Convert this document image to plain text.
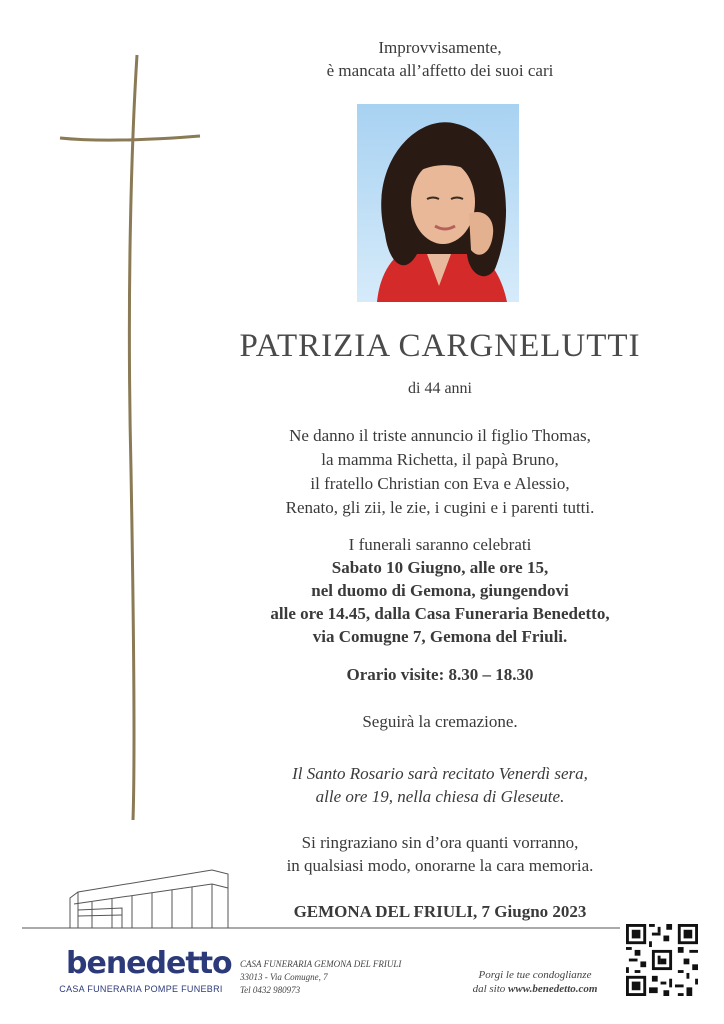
Improvvisamente,
è mancata all’affetto dei suoi cari
PATRIZIA CARGNELUTTI
di 44 anni
Ne danno il triste annuncio il figlio Thomas,
la mamma Richetta, il papà Bruno,
il fratello Christian con Eva e Alessio,
Renato, gli zii, le zie, i cugini e i parenti tutti.
I funerali saranno celebrati
Sabato 10 Giugno, alle ore 15,
nel duomo di Gemona, giungendovi
alle ore 14.45, dalla Casa Funeraria Benedetto,
via Comugne 7, Gemona del Friuli.
Orario visite: 8.30 – 18.30
Seguirà la cremazione.
Il Santo Rosario sarà recitato Venerdì sera,
alle ore 19, nella chiesa di Gleseute.
Si ringraziano sin d’ora quanti vorranno,
in qualsiasi modo, onorarne la cara memoria.
GEMONA DEL FRIULI, 7 Giugno 2023
benedetto
CASA FUNERARIA POMPE FUNEBRI
CASA FUNERARIA GEMONA DEL FRIULI
33013 - Via Comugne, 7
Tel 0432 980973
Porgi le tue condoglianze
dal sito www.benedetto.com
